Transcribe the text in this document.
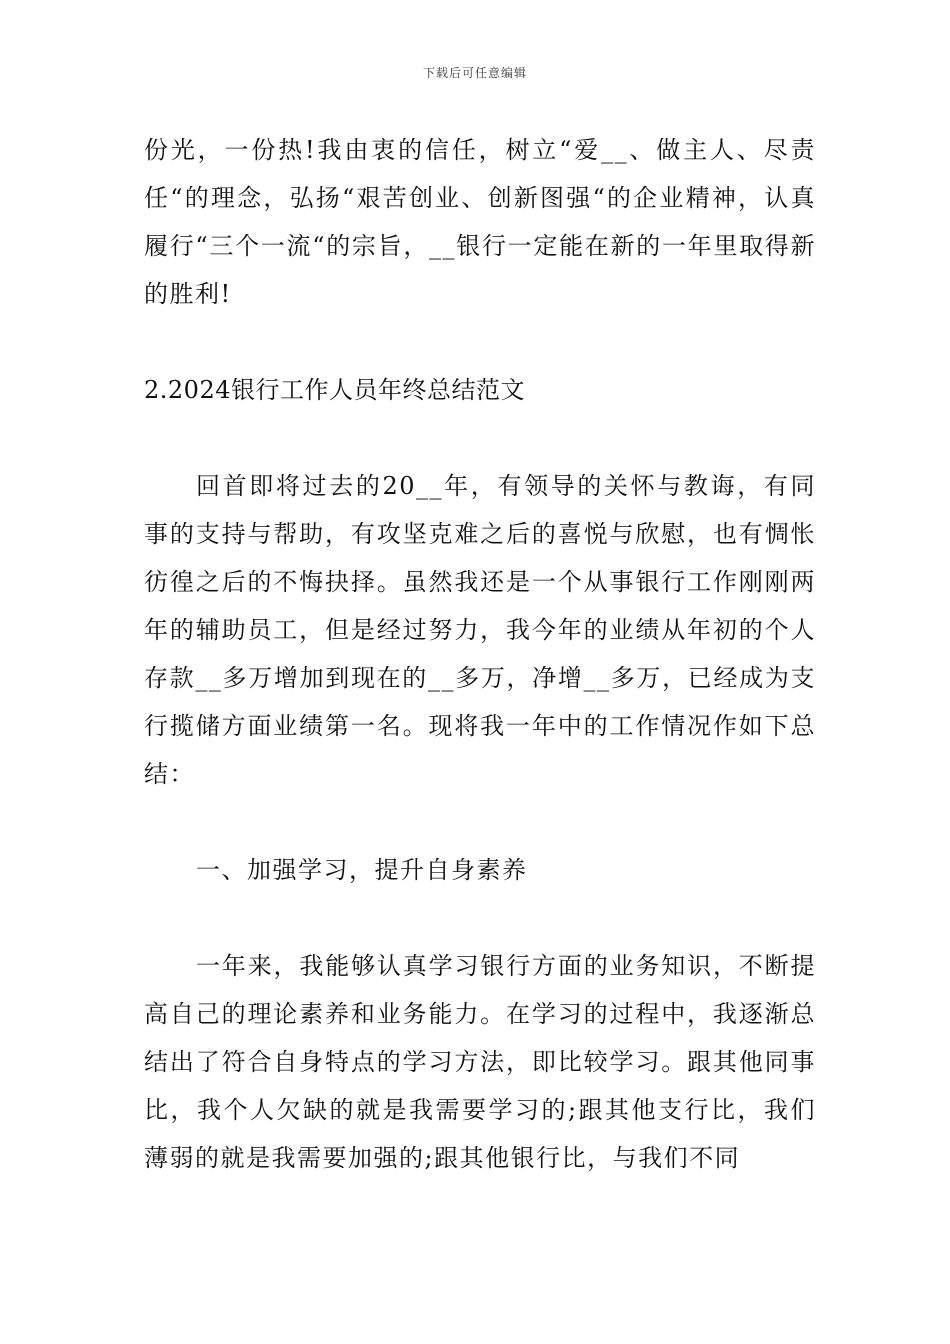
下载后可任意编辑

份光，一份热!我由衷的信任，树立“爱__、做主人、尽责任“的理念，弘扬“艰苦创业、创新图强“的企业精神，认真履行“三个一流“的宗旨，__银行一定能在新的一年里取得新的胜利!

2.2024银行工作人员年终总结范文

回首即将过去的20__年，有领导的关怀与教诲，有同事的支持与帮助，有攻坚克难之后的喜悦与欣慰，也有惆怅彷徨之后的不悔抉择。虽然我还是一个从事银行工作刚刚两年的辅助员工，但是经过努力，我今年的业绩从年初的个人存款__多万增加到现在的__多万，净增__多万，已经成为支行揽储方面业绩第一名。现将我一年中的工作情况作如下总结：

一、加强学习，提升自身素养

一年来，我能够认真学习银行方面的业务知识，不断提高自己的理论素养和业务能力。在学习的过程中，我逐渐总结出了符合自身特点的学习方法，即比较学习。跟其他同事比，我个人欠缺的就是我需要学习的;跟其他支行比，我们薄弱的就是我需要加强的;跟其他银行比，与我们不同
